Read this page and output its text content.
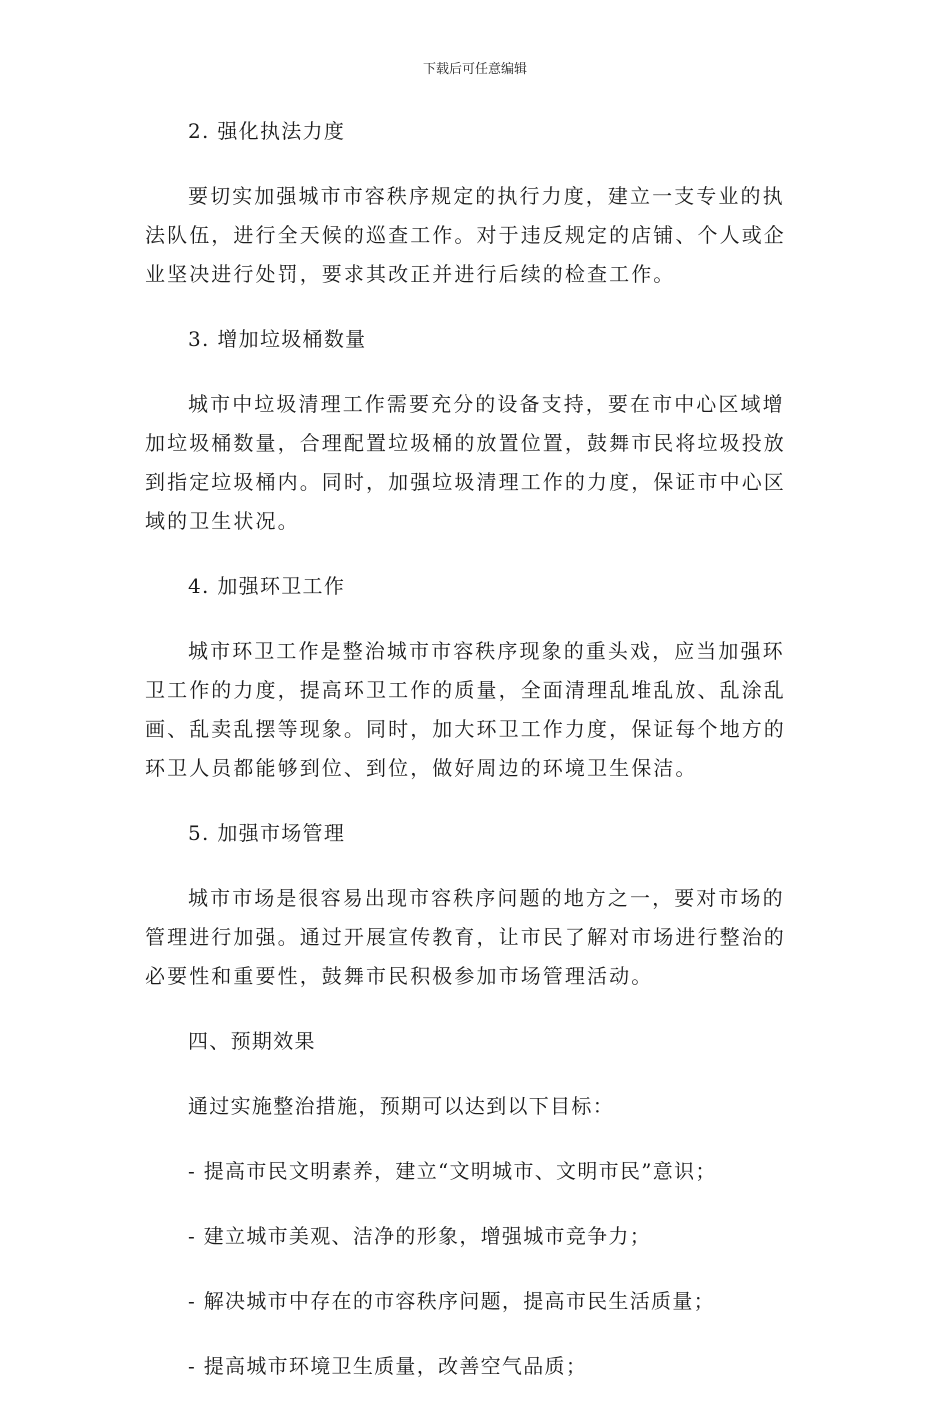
下载后可任意编辑

2. 强化执法力度

要切实加强城市市容秩序规定的执行力度，建立一支专业的执

法队伍，进行全天候的巡查工作。对于违反规定的店铺、个人或企

业坚决进行处罚，要求其改正并进行后续的检查工作。

3. 增加垃圾桶数量

城市中垃圾清理工作需要充分的设备支持，要在市中心区域增

加垃圾桶数量，合理配置垃圾桶的放置位置，鼓舞市民将垃圾投放

到指定垃圾桶内。同时，加强垃圾清理工作的力度，保证市中心区

域的卫生状况。

4. 加强环卫工作

城市环卫工作是整治城市市容秩序现象的重头戏，应当加强环

卫工作的力度，提高环卫工作的质量，全面清理乱堆乱放、乱涂乱

画、乱卖乱摆等现象。同时，加大环卫工作力度，保证每个地方的

环卫人员都能够到位、到位，做好周边的环境卫生保洁。

5. 加强市场管理

城市市场是很容易出现市容秩序问题的地方之一，要对市场的

管理进行加强。通过开展宣传教育，让市民了解对市场进行整治的

必要性和重要性，鼓舞市民积极参加市场管理活动。

四、预期效果

通过实施整治措施，预期可以达到以下目标：

- 提高市民文明素养，建立“文明城市、文明市民”意识；

- 建立城市美观、洁净的形象，增强城市竞争力；

- 解决城市中存在的市容秩序问题，提高市民生活质量；

- 提高城市环境卫生质量，改善空气品质；
